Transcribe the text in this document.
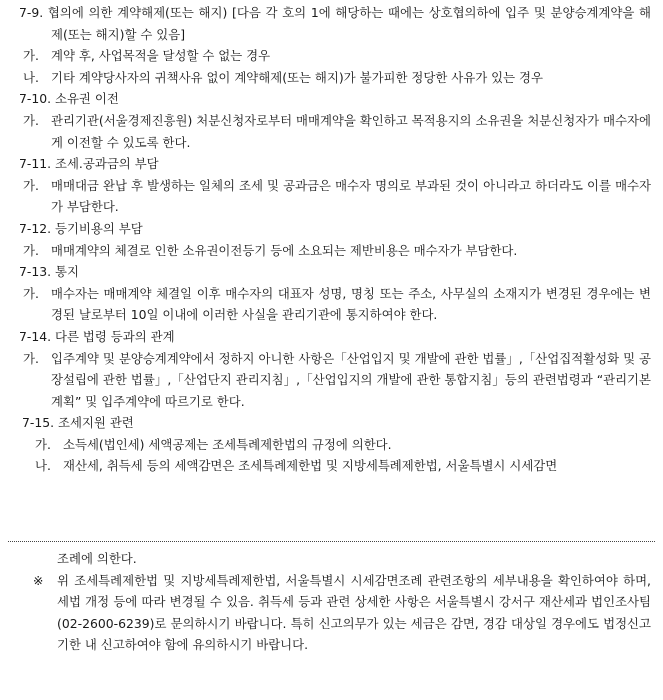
7-9. 협의에 의한 계약해제(또는 해지) [다음 각 호의 1에 해당하는 때에는 상호협의하에 입주 및 분양승계계약을 해제(또는 해지)할 수 있음]
가. 계약 후, 사업목적을 달성할 수 없는 경우
나. 기타 계약당사자의 귀책사유 없이 계약해제(또는 해지)가 불가피한 정당한 사유가 있는 경우
7-10. 소유권 이전
가. 관리기관(서울경제진흥원) 처분신청자로부터 매매계약을 확인하고 목적용지의 소유권을 처분신청자가 매수자에게 이전할 수 있도록 한다.
7-11. 조세.공과금의 부담
가. 매매대금 완납 후 발생하는 일체의 조세 및 공과금은 매수자 명의로 부과된 것이 아니라고 하더라도 이를 매수자가 부담한다.
7-12. 등기비용의 부담
가. 매매계약의 체결로 인한 소유권이전등기 등에 소요되는 제반비용은 매수자가 부담한다.
7-13. 통지
가. 매수자는 매매계약 체결일 이후 매수자의 대표자 성명, 명칭 또는 주소, 사무실의 소재지가 변경된 경우에는 변경된 날로부터 10일 이내에 이러한 사실을 관리기관에 통지하여야 한다.
7-14. 다른 법령 등과의 관계
가. 입주계약 및 분양승계계약에서 정하지 아니한 사항은「산업입지 및 개발에 관한 법률」,「산업집적활성화 및 공장설립에 관한 법률」,「산업단지 관리지침」,「산업입지의 개발에 관한 통합지침」등의 관련법령과 “관리기본계획” 및 입주계약에 따르기로 한다.
7-15. 조세지원 관련
가. 소득세(법인세) 세액공제는 조세특례제한법의 규정에 의한다.
나. 재산세, 취득세 등의 세액감면은 조세특례제한법 및 지방세특례제한법, 서울특별시 시세감면
조례에 의한다.
※	위 조세특례제한법 및 지방세특례제한법, 서울특별시 시세감면조례 관련조항의 세부내용을 확인하여야 하며, 세법 개정 등에 따라 변경될 수 있음. 취득세 등과 관련 상세한 사항은 서울특별시 강서구 재산세과 법인조사팀(02-2600-6239)로 문의하시기 바랍니다. 특히 신고의무가 있는 세금은 감면, 경감 대상일 경우에도 법정신고기한 내 신고하여야 함에 유의하시기 바랍니다.
